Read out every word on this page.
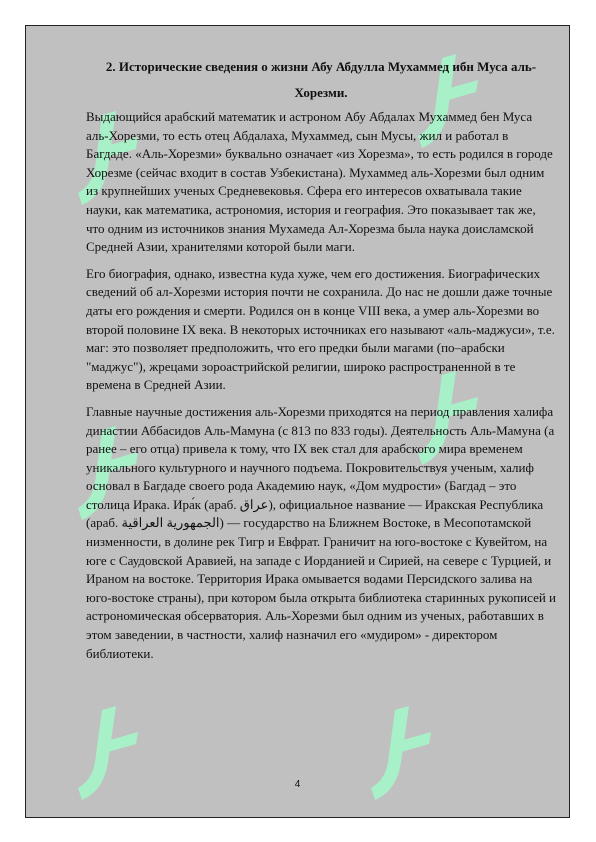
2. Исторические сведения о жизни Абу Абдулла Мухаммед ибн Муса аль-Хорезми.

Выдающийся арабский математик и астроном Абу Абдалах Мухаммед бен Муса аль-Хорезми, то есть отец Абдалаха, Мухаммед, сын Мусы, жил и работал в Багдаде. «Аль-Хорезми» буквально означает «из Хорезма», то есть родился в городе Хорезме (сейчас входит в состав Узбекистана). Мухаммед аль-Хорезми был одним из крупнейших ученых Средневековья. Сфера его интересов охватывала такие науки, как математика, астрономия, история и география. Это показывает так же, что одним из источников знания Мухамеда Ал-Хорезма была наука доисламской Средней Азии, хранителями которой были маги.

Его биография, однако, известна куда хуже, чем его достижения. Биографических сведений об ал-Хорезми история почти не сохранила. До нас не дошли даже точные даты его рождения и смерти. Родился он в конце VIII века, а умер аль-Хорезми во второй половине IX века. В некоторых источниках его называют «аль-маджуси», т.е. маг: это позволяет предположить, что его предки были магами (по–арабски "маджус"), жрецами зороастрийской религии, широко распространенной в те времена в Средней Азии.

Главные научные достижения аль-Хорезми приходятся на период правления халифа династии Аббасидов Аль-Мамуна (с 813 по 833 годы). Деятельность Аль-Мамуна (а ранее – его отца) привела к тому, что IX век стал для арабского мира временем уникального культурного и научного подъема. Покровительствуя ученым, халиф основал в Багдаде своего рода Академию наук, «Дом мудрости» (Багдад – это столица Ирака. Ира́к (араб. ‏عراق‏‎), официальное название — Иракская Республика (араб. ‏الجمهورية العراقية‏‎) — государство на Ближнем Востоке, в Месопотамской низменности, в долине рек Тигр и Евфрат. Граничит на юго-востоке с Кувейтом, на юге с Саудовской Аравией, на западе с Иорданией и Сирией, на севере с Турцией, и Ираном на востоке. Территория Ирака омывается водами Персидского залива на юго-востоке страны), при котором была открыта библиотека старинных рукописей и астрономическая обсерватория. Аль-Хорезми был одним из ученых, работавших в этом заведении, в частности, халиф назначил его «мудиром» - директором библиотеки.

4
